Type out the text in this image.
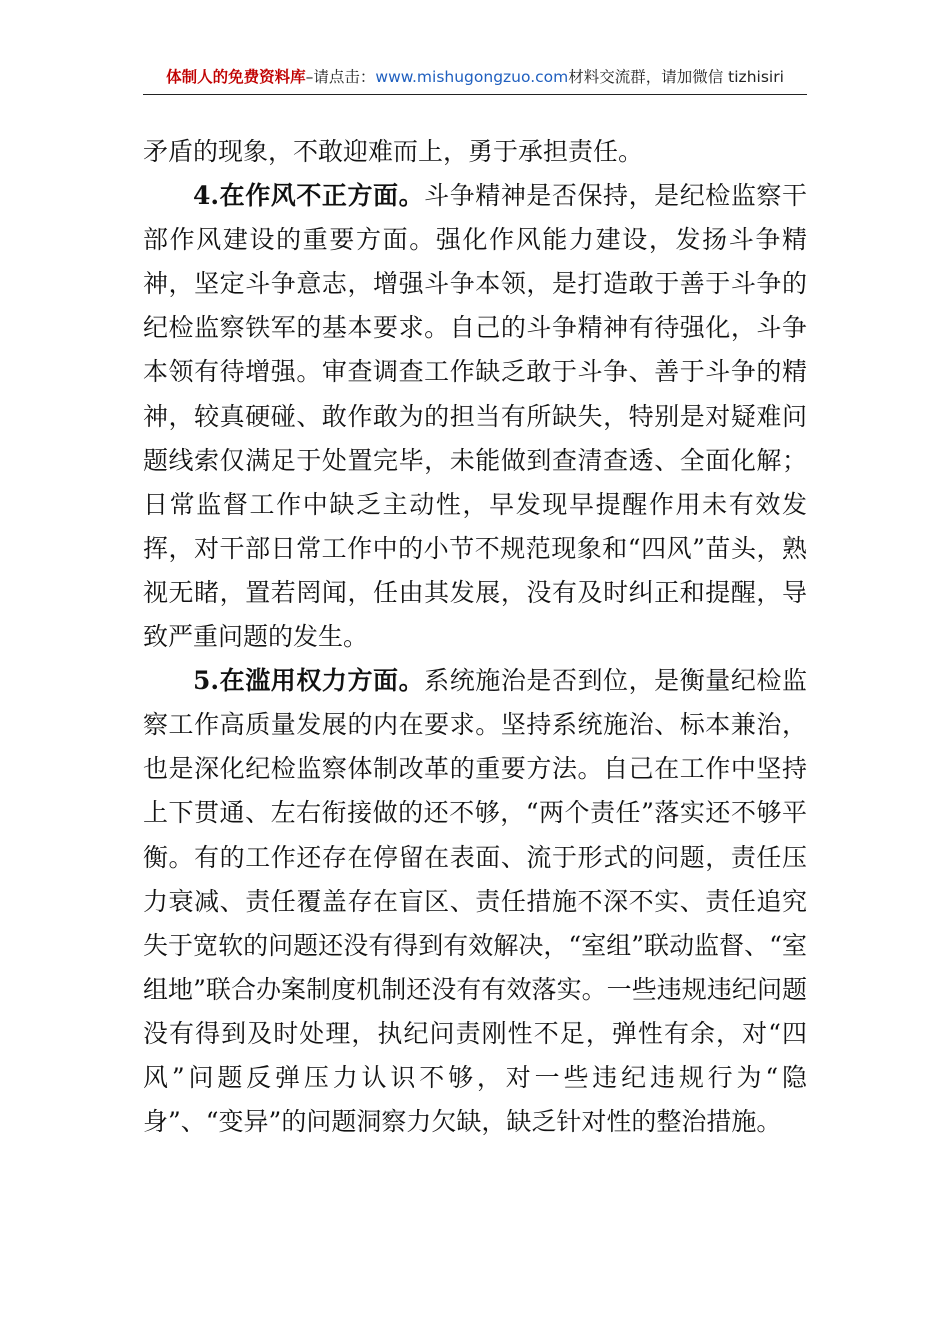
体制人的免费资料库–请点击：www.mishugongzuo.com材料交流群，请加微信 tizhisiri

矛盾的现象，不敢迎难而上，勇于承担责任。

4.在作风不正方面。斗争精神是否保持，是纪检监察干部作风建设的重要方面。强化作风能力建设，发扬斗争精神，坚定斗争意志，增强斗争本领，是打造敢于善于斗争的纪检监察铁军的基本要求。自己的斗争精神有待强化，斗争本领有待增强。审查调查工作缺乏敢于斗争、善于斗争的精神，较真硬碰、敢作敢为的担当有所缺失，特别是对疑难问题线索仅满足于处置完毕，未能做到查清查透、全面化解；日常监督工作中缺乏主动性，早发现早提醒作用未有效发挥，对干部日常工作中的小节不规范现象和“四风”苗头，熟视无睹，置若罔闻，任由其发展，没有及时纠正和提醒，导致严重问题的发生。

5.在滥用权力方面。系统施治是否到位，是衡量纪检监察工作高质量发展的内在要求。坚持系统施治、标本兼治，也是深化纪检监察体制改革的重要方法。自己在工作中坚持上下贯通、左右衔接做的还不够，“两个责任”落实还不够平衡。有的工作还存在停留在表面、流于形式的问题，责任压力衰减、责任覆盖存在盲区、责任措施不深不实、责任追究失于宽软的问题还没有得到有效解决，“室组”联动监督、“室组地”联合办案制度机制还没有有效落实。一些违规违纪问题没有得到及时处理，执纪问责刚性不足，弹性有余，对“四风”问题反弹压力认识不够，对一些违纪违规行为“隐身”、“变异”的问题洞察力欠缺，缺乏针对性的整治措施。
